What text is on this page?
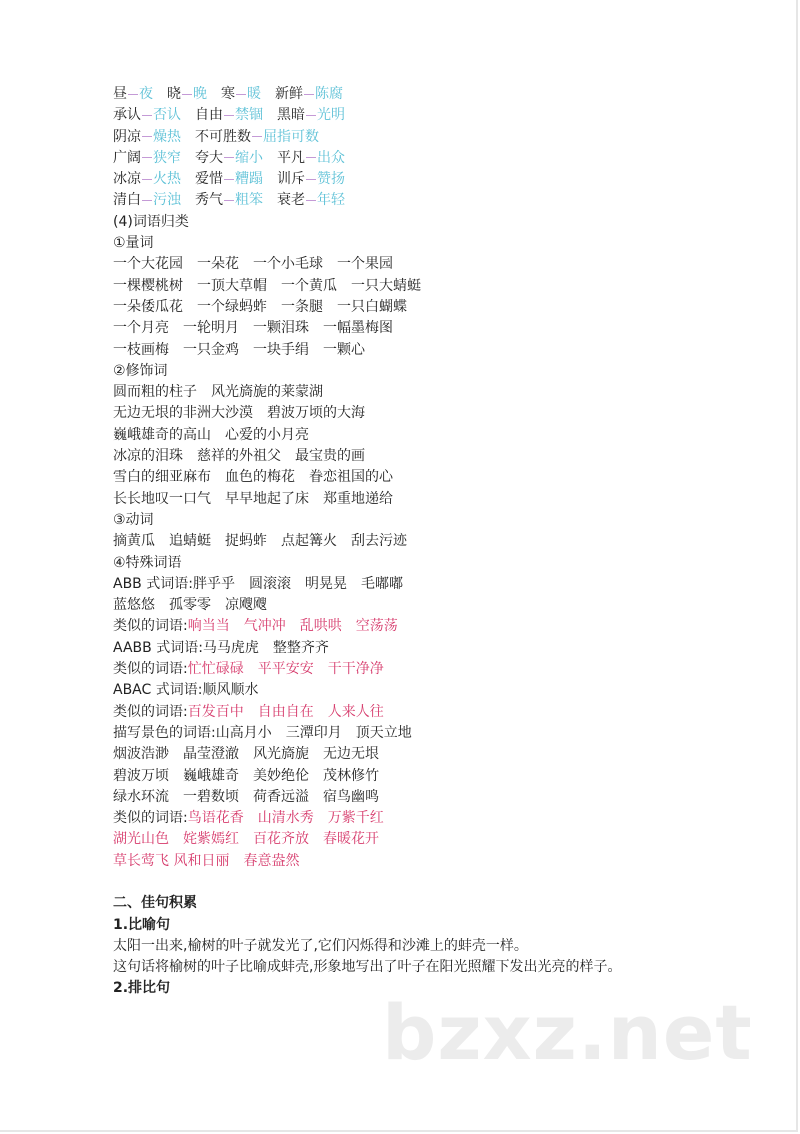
昼 夜　晓 晚　寒 暖　新鲜 陈腐
承认 否认　自由 禁锢　黑暗 光明
阴凉 燥热　不可胜数 屈指可数
广阔 狭窄　夸大 缩小　平凡 出众
冰凉 火热　爱惜 糟蹋　训斥 赞扬
清白 污浊　秀气 粗笨　衰老 年轻
(4)词语归类
①量词
一个大花园　一朵花　一个小毛球　一个果园
一棵樱桃树　一顶大草帽　一个黄瓜　一只大蜻蜓
一朵倭瓜花　一个绿蚂蚱　一条腿　一只白蝴蝶
一个月亮　一轮明月　一颗泪珠　一幅墨梅图
一枝画梅　一只金鸡　一块手绢　一颗心
②修饰词
圆而粗的柱子　风光旖旎的莱蒙湖
无边无垠的非洲大沙漠　碧波万顷的大海
巍峨雄奇的高山　心爱的小月亮
冰凉的泪珠　慈祥的外祖父　最宝贵的画
雪白的细亚麻布　血色的梅花　眷恋祖国的心
长长地叹一口气　早早地起了床　郑重地递给
③动词
摘黄瓜　追蜻蜓　捉蚂蚱　点起篝火　刮去污迹
④特殊词语
ABB 式词语:胖乎乎　圆滚滚　明晃晃　毛嘟嘟
蓝悠悠　孤零零　凉飕飕
类似的词语:响当当　气冲冲　乱哄哄　空荡荡
AABB 式词语:马马虎虎　整整齐齐
类似的词语:忙忙碌碌　平平安安　干干净净
ABAC 式词语:顺风顺水
类似的词语:百发百中　自由自在　人来人往
描写景色的词语:山高月小　三潭印月　顶天立地
烟波浩渺　晶莹澄澈　风光旖旎　无边无垠
碧波万顷　巍峨雄奇　美妙绝伦　茂林修竹
绿水环流　一碧数顷　荷香远溢　宿鸟幽鸣
类似的词语:鸟语花香　山清水秀　万紫千红
湖光山色　姹紫嫣红　百花齐放　春暖花开
草长莺飞 风和日丽　春意盎然
二、佳句积累
1.比喻句
太阳一出来,榆树的叶子就发光了,它们闪烁得和沙滩上的蚌壳一样。
这句话将榆树的叶子比喻成蚌壳,形象地写出了叶子在阳光照耀下发出光亮的样子。
2.排比句	bzxz.net
